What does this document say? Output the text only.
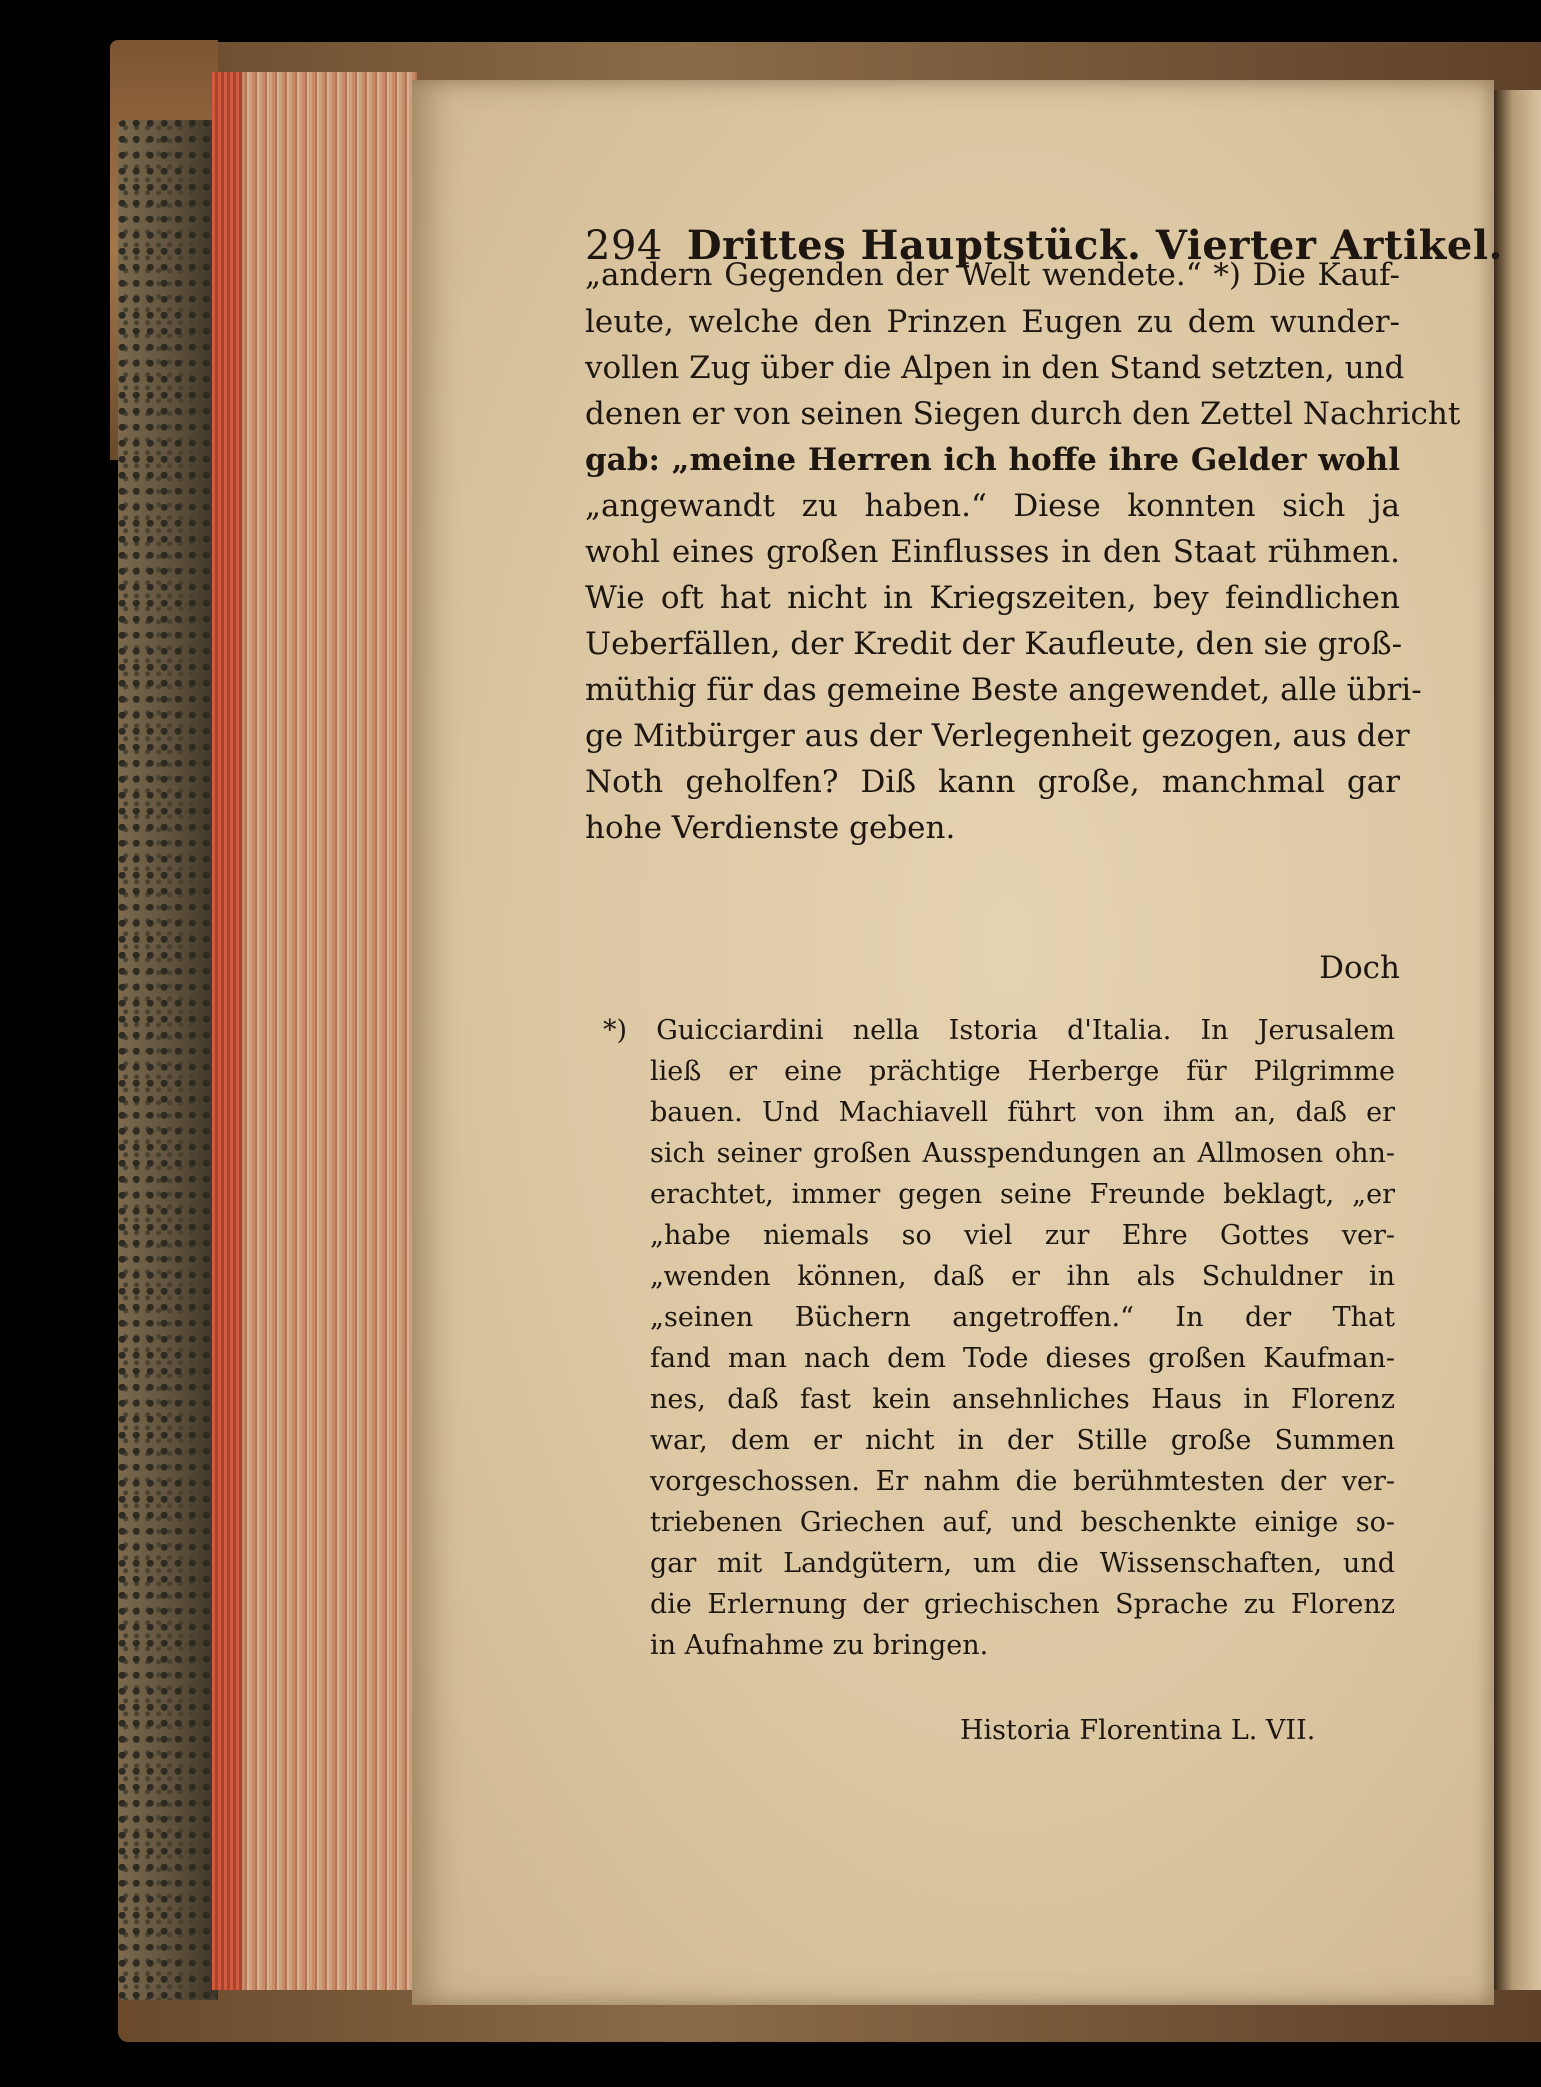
294 Drittes Hauptstück. Vierter Artikel.
„andern Gegenden der Welt wendete.“ *) Die Kauf-
leute, welche den Prinzen Eugen zu dem wunder-
vollen Zug über die Alpen in den Stand setzten, und
denen er von seinen Siegen durch den Zettel Nachricht
gab: „meine Herren ich hoffe ihre Gelder wohl
„angewandt zu haben.“ Diese konnten sich ja
wohl eines großen Einflusses in den Staat rühmen.
Wie oft hat nicht in Kriegszeiten, bey feindlichen
Ueberfällen, der Kredit der Kaufleute, den sie groß-
müthig für das gemeine Beste angewendet, alle übri-
ge Mitbürger aus der Verlegenheit gezogen, aus der
Noth geholfen? Diß kann große, manchmal gar
hohe Verdienste geben.
Doch
*) Guicciardini nella Istoria d'Italia. In Jerusalem
ließ er eine prächtige Herberge für Pilgrimme
bauen. Und Machiavell führt von ihm an, daß er
sich seiner großen Ausspendungen an Allmosen ohn-
erachtet, immer gegen seine Freunde beklagt, „er
„habe niemals so viel zur Ehre Gottes ver-
„wenden können, daß er ihn als Schuldner in
„seinen Büchern angetroffen.“ In der That
fand man nach dem Tode dieses großen Kaufman-
nes, daß fast kein ansehnliches Haus in Florenz
war, dem er nicht in der Stille große Summen
vorgeschossen. Er nahm die berühmtesten der ver-
triebenen Griechen auf, und beschenkte einige so-
gar mit Landgütern, um die Wissenschaften, und
die Erlernung der griechischen Sprache zu Florenz
in Aufnahme zu bringen.
Historia Florentina L. VII.
